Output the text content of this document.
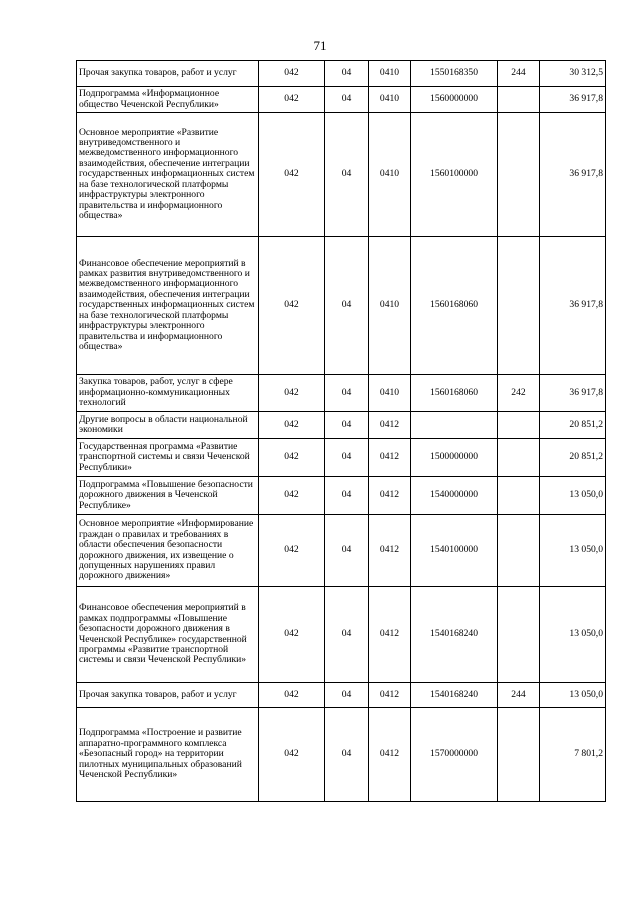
71
Прочая закупка товаров, работ и услуг	042	04	0410	1550168350	244	30 312,5
Подпрограмма «Информационное общество Чеченской Республики»	042	04	0410	1560000000		36 917,8
Основное мероприятие «Развитие внутриведомственного и межведомственного информационного взаимодействия, обеспечение интеграции государственных информационных систем на базе технологической платформы инфраструктуры электронного правительства и информационного общества»	042	04	0410	1560100000		36 917,8
Финансовое обеспечение мероприятий в рамках развития внутриведомственного и межведомственного информационного взаимодействия, обеспечения интеграции государственных информационных систем на базе технологической платформы инфраструктуры электронного правительства и информационного общества»	042	04	0410	1560168060		36 917,8
Закупка товаров, работ, услуг в сфере информационно-коммуникационных технологий	042	04	0410	1560168060	242	36 917,8
Другие вопросы в области национальной экономики	042	04	0412			20 851,2
Государственная программа «Развитие транспортной системы и связи Чеченской Республики»	042	04	0412	1500000000		20 851,2
Подпрограмма «Повышение безопасности дорожного движения в Чеченской Республике»	042	04	0412	1540000000		13 050,0
Основное мероприятие «Информирование граждан о правилах и требованиях в области обеспечения безопасности дорожного движения, их извещение о допущенных нарушениях правил дорожного движения»	042	04	0412	1540100000		13 050,0
Финансовое обеспечения мероприятий в рамках подпрограммы «Повышение безопасности дорожного движения в Чеченской Республике» государственной программы «Развитие транспортной системы и связи Чеченской Республики»	042	04	0412	1540168240		13 050,0
Прочая закупка товаров, работ и услуг	042	04	0412	1540168240	244	13 050,0
Подпрограмма «Построение и развитие аппаратно-программного комплекса «Безопасный город» на территории пилотных муниципальных образований Чеченской Республики»	042	04	0412	1570000000		7 801,2
